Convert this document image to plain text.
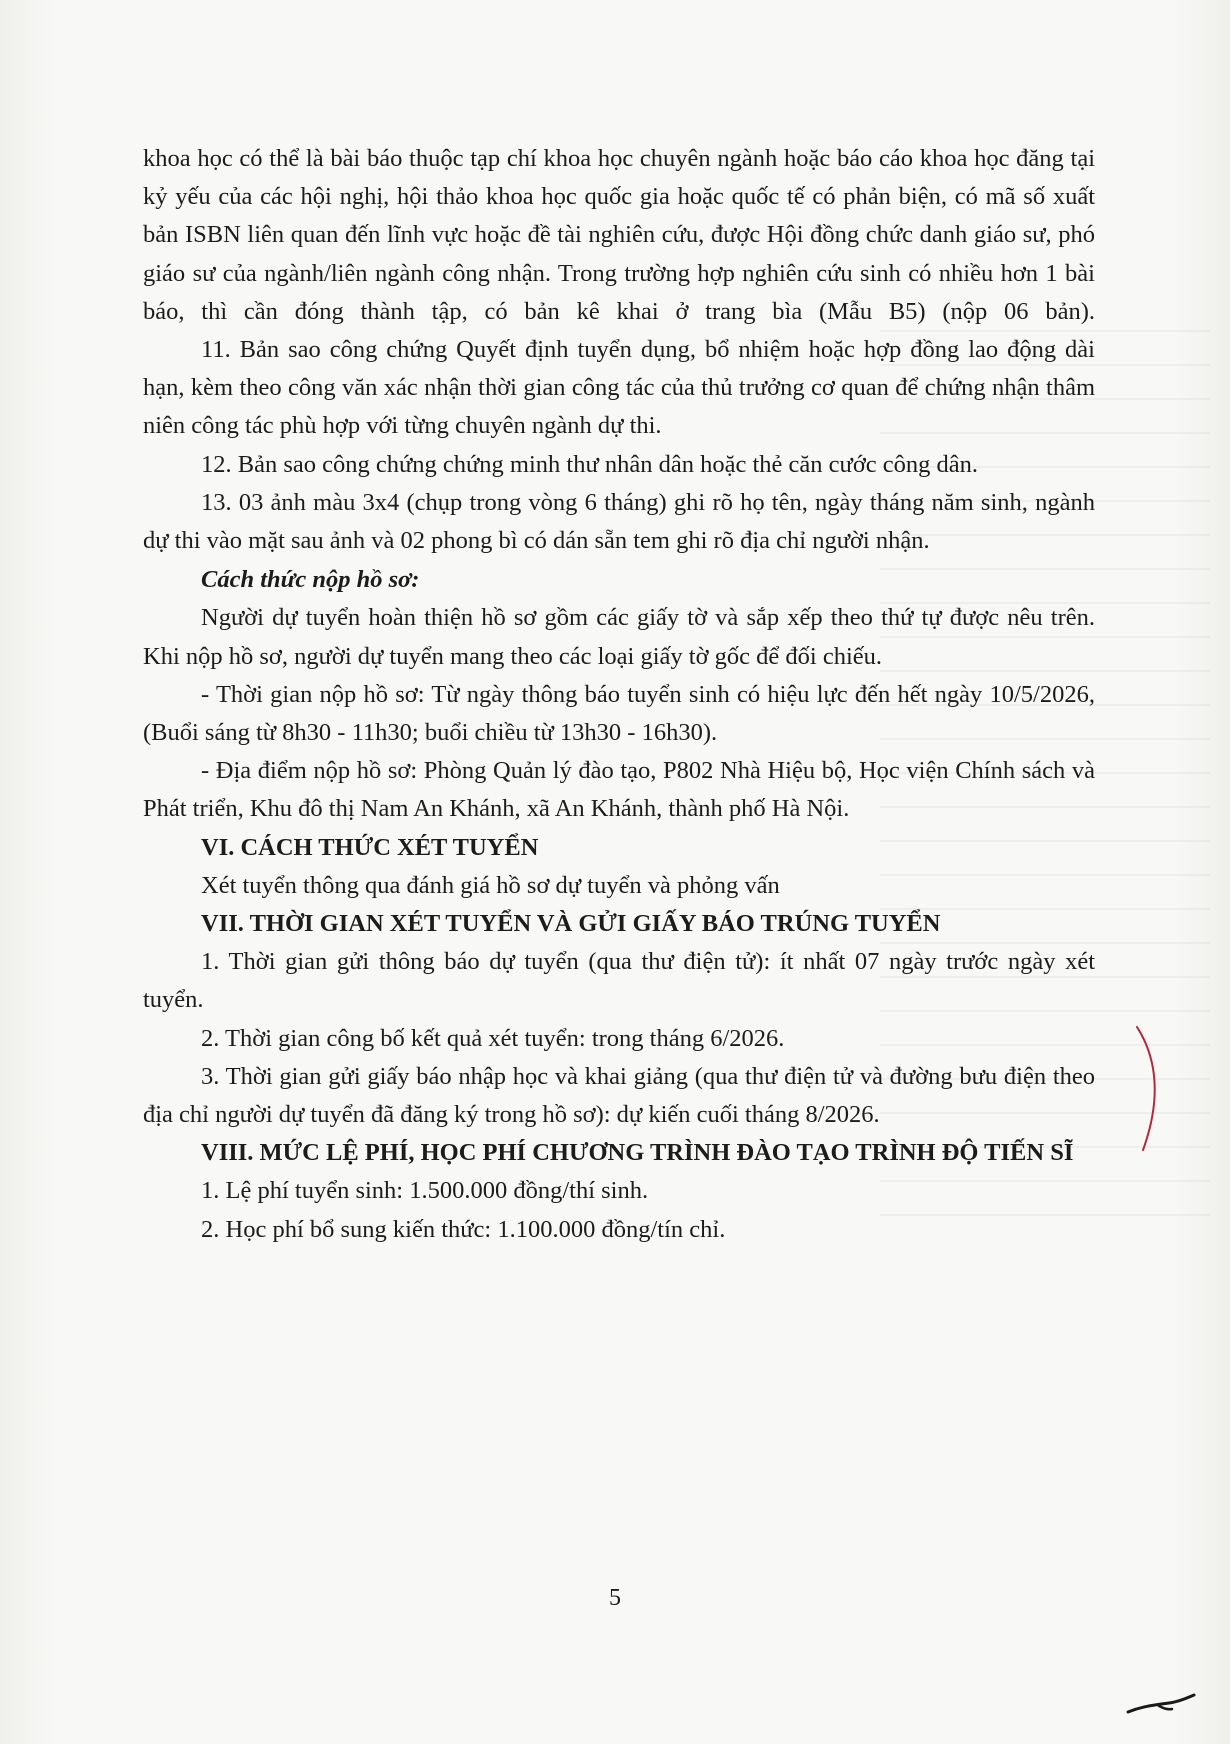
khoa học có thể là bài báo thuộc tạp chí khoa học chuyên ngành hoặc báo cáo khoa học đăng tại kỷ yếu của các hội nghị, hội thảo khoa học quốc gia hoặc quốc tế có phản biện, có mã số xuất bản ISBN liên quan đến lĩnh vực hoặc đề tài nghiên cứu, được Hội đồng chức danh giáo sư, phó giáo sư của ngành/liên ngành công nhận. Trong trường hợp nghiên cứu sinh có nhiều hơn 1 bài báo, thì cần đóng thành tập, có bản kê khai ở trang bìa (Mẫu B5) (nộp 06 bản).

11. Bản sao công chứng Quyết định tuyển dụng, bổ nhiệm hoặc hợp đồng lao động dài hạn, kèm theo công văn xác nhận thời gian công tác của thủ trưởng cơ quan để chứng nhận thâm niên công tác phù hợp với từng chuyên ngành dự thi.

12. Bản sao công chứng chứng minh thư nhân dân hoặc thẻ căn cước công dân.

13. 03 ảnh màu 3x4 (chụp trong vòng 6 tháng) ghi rõ họ tên, ngày tháng năm sinh, ngành dự thi vào mặt sau ảnh và 02 phong bì có dán sẵn tem ghi rõ địa chỉ người nhận.

Cách thức nộp hồ sơ:

Người dự tuyển hoàn thiện hồ sơ gồm các giấy tờ và sắp xếp theo thứ tự được nêu trên. Khi nộp hồ sơ, người dự tuyển mang theo các loại giấy tờ gốc để đối chiếu.

- Thời gian nộp hồ sơ: Từ ngày thông báo tuyển sinh có hiệu lực đến hết ngày 10/5/2026, (Buổi sáng từ 8h30 - 11h30; buổi chiều từ 13h30 - 16h30).

- Địa điểm nộp hồ sơ: Phòng Quản lý đào tạo, P802 Nhà Hiệu bộ, Học viện Chính sách và Phát triển, Khu đô thị Nam An Khánh, xã An Khánh, thành phố Hà Nội.

VI. CÁCH THỨC XÉT TUYỂN

Xét tuyển thông qua đánh giá hồ sơ dự tuyển và phỏng vấn

VII. THỜI GIAN XÉT TUYỂN VÀ GỬI GIẤY BÁO TRÚNG TUYỂN

1. Thời gian gửi thông báo dự tuyển (qua thư điện tử): ít nhất 07 ngày trước ngày xét tuyển.

2. Thời gian công bố kết quả xét tuyển: trong tháng 6/2026.

3. Thời gian gửi giấy báo nhập học và khai giảng (qua thư điện tử và đường bưu điện theo địa chỉ người dự tuyển đã đăng ký trong hồ sơ): dự kiến cuối tháng 8/2026.

VIII. MỨC LỆ PHÍ, HỌC PHÍ CHƯƠNG TRÌNH ĐÀO TẠO TRÌNH ĐỘ TIẾN SĨ

1. Lệ phí tuyển sinh: 1.500.000 đồng/thí sinh.

2. Học phí bổ sung kiến thức: 1.100.000 đồng/tín chỉ.

5
